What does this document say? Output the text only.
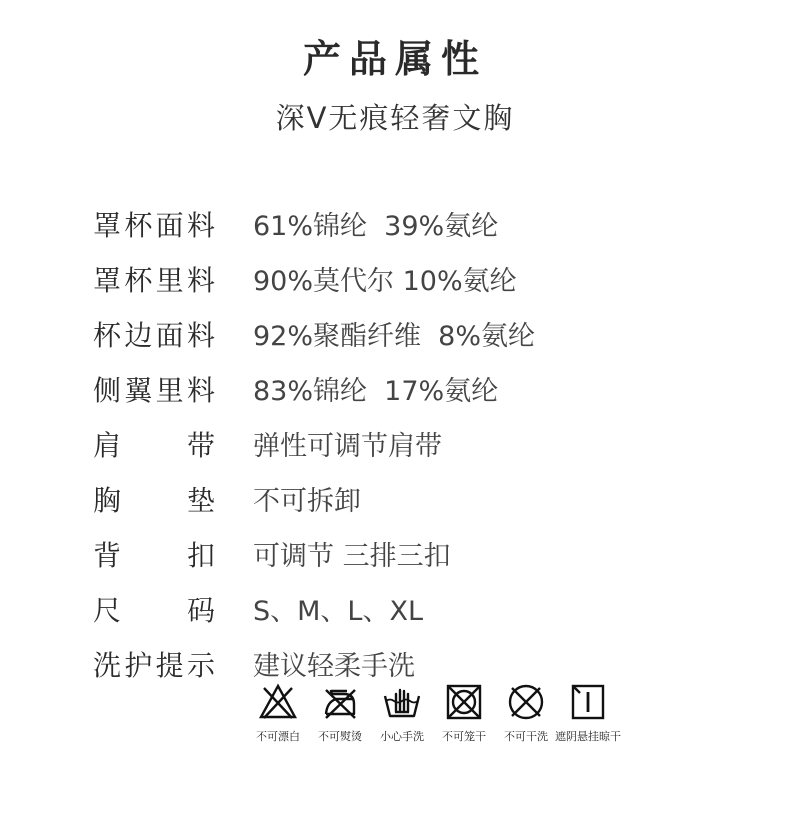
产品属性
深V无痕轻奢文胸
罩 杯 面 料 61%锦纶  39%氨纶
罩 杯 里 料 90%莫代尔 10%氨纶
杯 边 面 料 92%聚酯纤维  8%氨纶
侧 翼 里 料 83%锦纶  17%氨纶
肩 带 弹性可调节肩带
胸 垫 不可拆卸
背 扣 可调节 三排三扣
尺 码 S、M、L、XL
洗 护 提 示 建议轻柔手洗
不可漂白 不可熨烫 小心手洗 不可笼干 不可干洗 遮阴悬挂晾干
